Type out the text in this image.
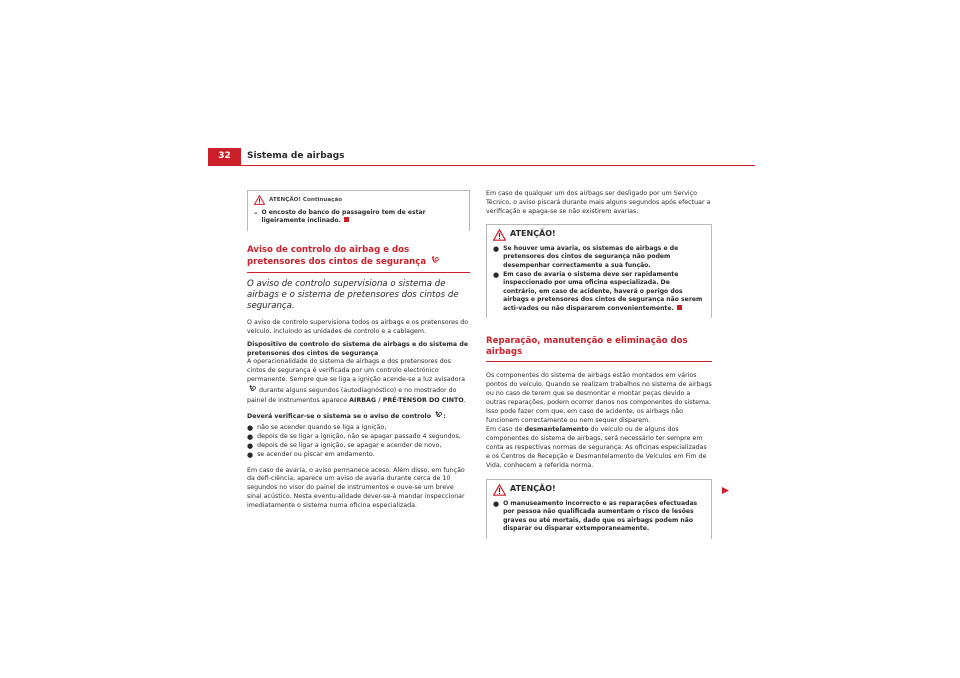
32	Sistema de airbags
ATENÇÃO! Continuação
– O encosto do banco do passageiro tem de estar ligeiramente inclinado.
Aviso de controlo do airbag e dos pretensores dos cintos de segurança
O aviso de controlo supervisiona o sistema de airbags e o sistema de pretensores dos cintos de segurança.
O aviso de controlo supervisiona todos os airbags e os pretensores do veículo, incluindo as unidades de controlo e a cablagem.
Dispositivo de controlo do sistema de airbags e do sistema de pretensores dos cintos de segurança
A operacionalidade do sistema de airbags e dos pretensores dos cintos de segurança é verificada por um controlo electrónico permanente. Sempre que se liga a ignição acende-se a luz avisadora  durante alguns segundos (autodiagnóstico) e no mostrador do painel de instrumentos aparece AIRBAG / PRÉ-TENSOR DO CINTO.
Deverá verificar-se o sistema se o aviso de controlo :
● não se acender quando se liga a ignição,
● depois de se ligar a ignição, não se apagar passado 4 segundos,
● depois de se ligar a ignição, se apagar e acender de novo,
● se acender ou piscar em andamento.
Em caso de avaria, o aviso permanece aceso. Além disso, em função da defi-ciência, aparece um aviso de avaria durante cerca de 10 segundos no visor do painel de instrumentos e ouve-se um breve sinal acústico. Nesta eventu-alidade dever-se-á mandar inspeccionar imediatamente o sistema numa oficina especializada.
Em caso de qualquer um dos airbags ser desligado por um Serviço Técnico, o aviso piscará durante mais alguns segundos após efectuar a verificação e apaga-se se não existirem avarias.
ATENÇÃO!
● Se houver uma avaria, os sistemas de airbags e de pretensores dos cintos de segurança não podem desempenhar correctamente a sua função.
● Em caso de avaria o sistema deve ser rapidamente inspeccionado por uma oficina especializada. De contrário, em caso de acidente, haverá o perigo dos airbags e pretensores dos cintos de segurança não serem acti-vados ou não dispararem convenientemente.
Reparação, manutenção e eliminação dos airbags
Os componentes do sistema de airbags estão montados em vários pontos do veículo. Quando se realizam trabalhos no sistema de airbags ou no caso de terem que se desmontar e montar peças devido a outras reparações, podem ocorrer danos nos componentes do sistema. Isso pode fazer com que, em caso de acidente, os airbags não funcionem correctamente ou nem sequer disparem.
Em caso de desmantelamento do veículo ou de alguns dos componentes do sistema de airbags, será necessário ter sempre em conta as respectivas normas de segurança. As oficinas especializadas e os Centros de Recepção e Desmantelamento de Veículos em Fim de Vida, conhecem a referida norma.
ATENÇÃO!
● O manuseamento incorrecto e as reparações efectuadas por pessoa não qualificada aumentam o risco de lesões graves ou até mortais, dado que os airbags podem não disparar ou disparar extemporaneamente.
